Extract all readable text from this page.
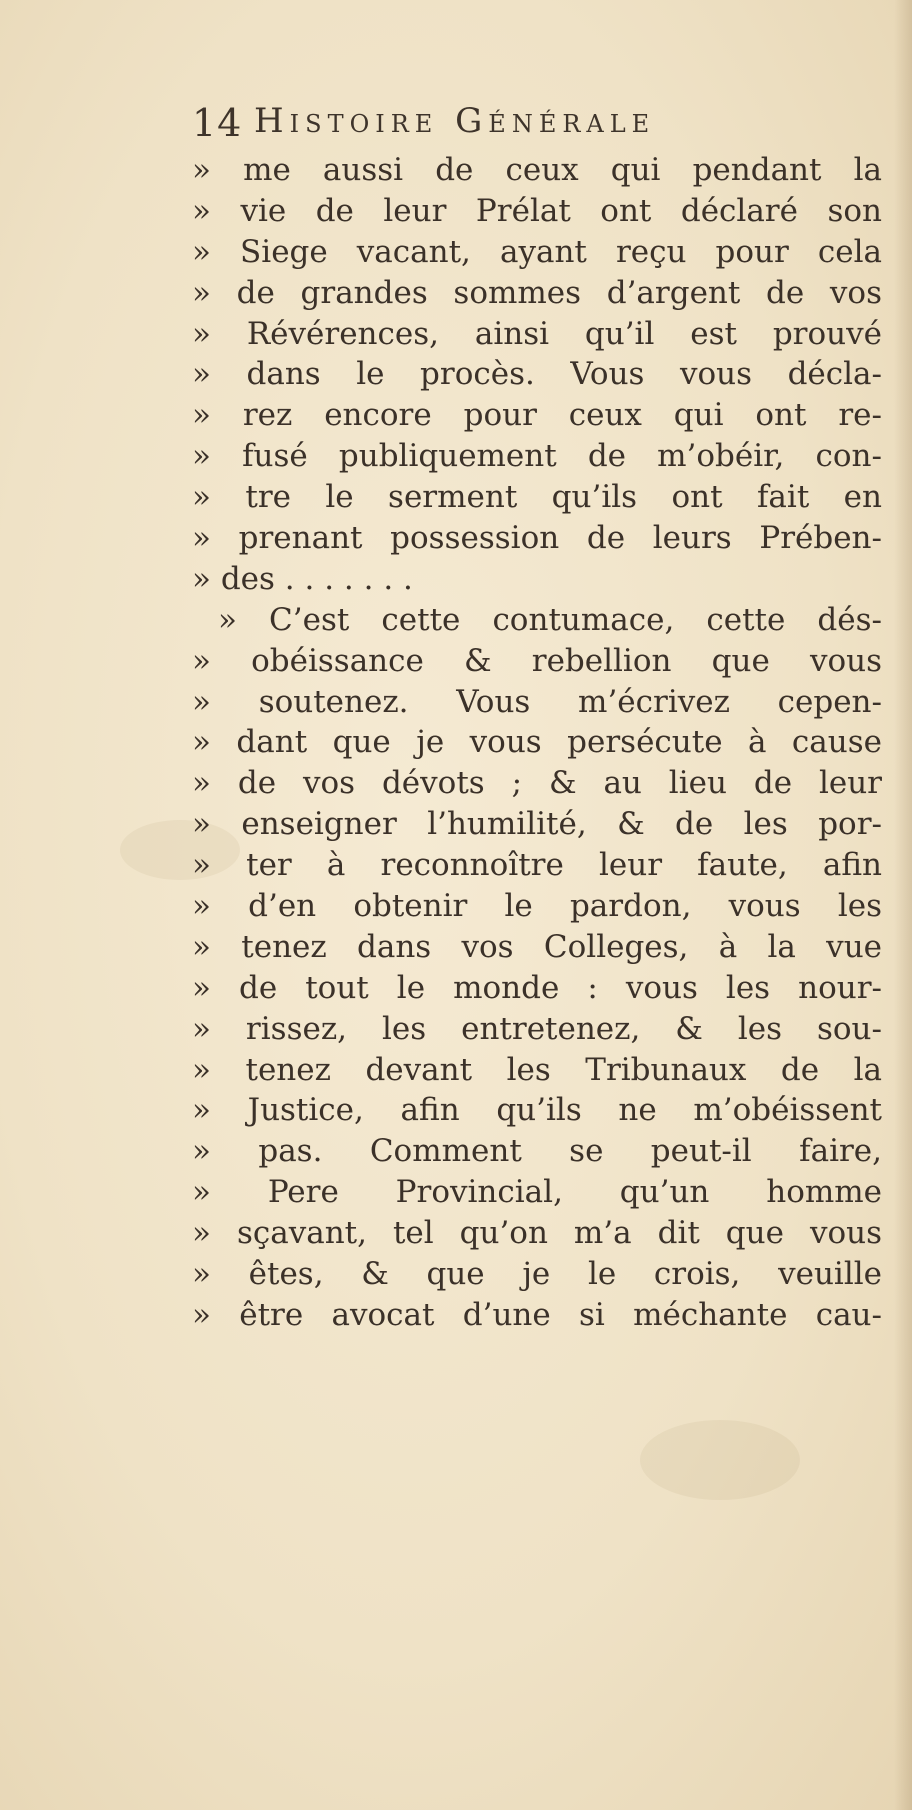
14 Histoire Générale
» me aussi de ceux qui pendant la
» vie de leur Prélat ont déclaré son
» Siege vacant, ayant reçu pour cela
» de grandes sommes d’argent de vos
» Révérences, ainsi qu’il est prouvé
» dans le procès. Vous vous décla-
» rez encore pour ceux qui ont re-
» fusé publiquement de m’obéir, con-
» tre le serment qu’ils ont fait en
» prenant possession de leurs Prében-
» des . . . . . . .
» C’est cette contumace, cette dés-
» obéissance & rebellion que vous
» soutenez. Vous m’écrivez cepen-
» dant que je vous persécute à cause
» de vos dévots ; & au lieu de leur
» enseigner l’humilité, & de les por-
» ter à reconnoître leur faute, afin
» d’en obtenir le pardon, vous les
» tenez dans vos Colleges, à la vue
» de tout le monde : vous les nour-
» rissez, les entretenez, & les sou-
» tenez devant les Tribunaux de la
» Justice, afin qu’ils ne m’obéissent
» pas. Comment se peut-il faire,
» Pere Provincial, qu’un homme
» sçavant, tel qu’on m’a dit que vous
» êtes, & que je le crois, veuille
» être avocat d’une si méchante cau-
